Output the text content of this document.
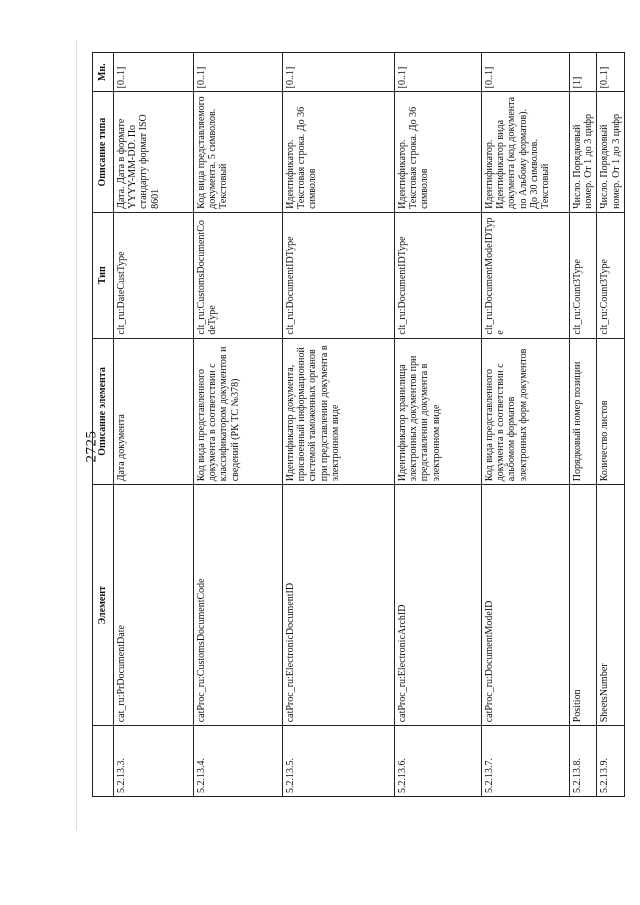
2725
	Элемент	Описание элемента	Тип	Описание типа	Мн.
5.2.13.3.	cat_ru:PrDocumentDate	Дата документа	clt_ru:DateCustType	Дата. Дата в формате YYYY-MM-DD. По стандарту формат ISO 8601	[0..1]
5.2.13.4.	catProc_ru:CustomsDocumentCode	Код вида представленного документа в соответствии с классификатором документов и сведений (РК ТС №378)	clt_ru:CustomsDocumentCodeType	Код вида представляемого документа. 5 символов. Текстовый	[0..1]
5.2.13.5.	catProc_ru:ElectronicDocumentID	Идентификатор документа, присвоенный информационной системой таможенных органов при представлении документа в электронном виде	clt_ru:DocumentIDType	Идентификатор. Текстовая строка. До 36 символов	[0..1]
5.2.13.6.	catProc_ru:ElectronicArchID	Идентификатор хранилища электронных документов при представлении документа в электронном виде	clt_ru:DocumentIDType	Идентификатор. Текстовая строка. До 36 символов	[0..1]
5.2.13.7.	catProc_ru:DocumentModeID	Код вида представленного документа в соответствии с альбомом форматов электронных форм документов	clt_ru:DocumentModeIDType	Идентификатор. Идентификатор вида документа (код документа по Альбому форматов). До 30 символов. Текстовый	[0..1]
5.2.13.8.	Position	Порядковый номер позиции	clt_ru:Count3Type	Число. Порядковый номер. От 1 до 3 цифр	[1]
5.2.13.9.	SheetsNumber	Количество листов	clt_ru:Count3Type	Число. Порядковый номер. От 1 до 3 цифр	[0..1]
